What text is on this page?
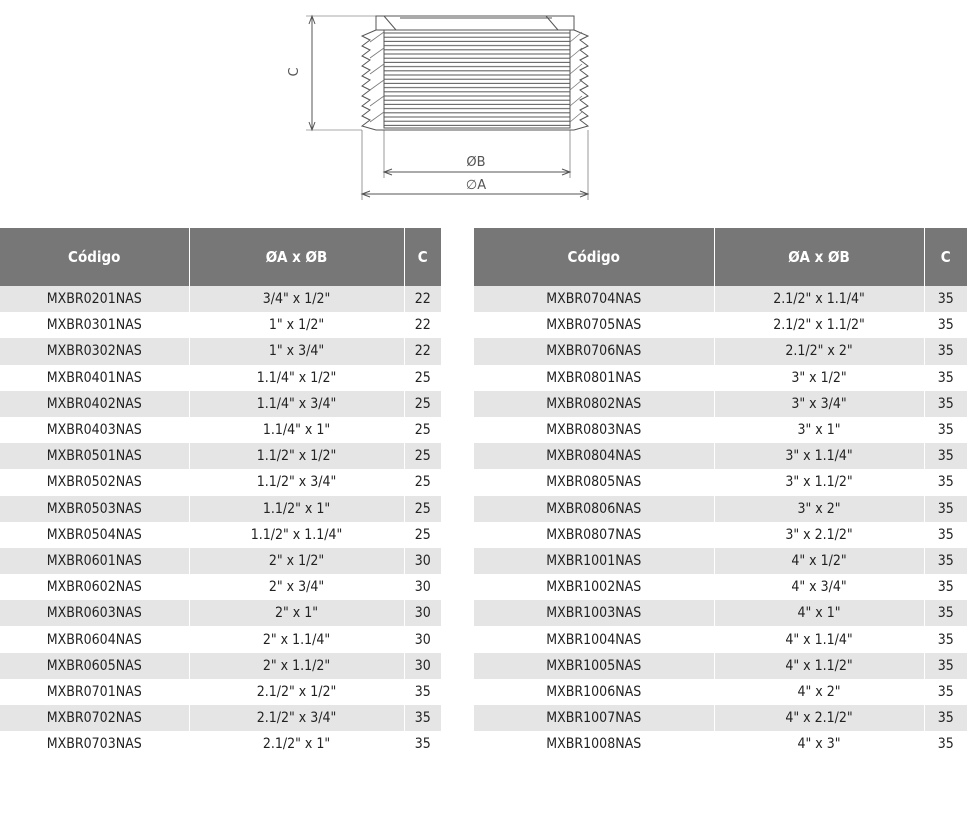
C
ØB
∅A
Código	ØA x ØB	C
MXBR0201NAS	3/4" x 1/2"	22
MXBR0301NAS	1" x 1/2"	22
MXBR0302NAS	1" x 3/4"	22
MXBR0401NAS	1.1/4" x 1/2"	25
MXBR0402NAS	1.1/4" x 3/4"	25
MXBR0403NAS	1.1/4" x 1"	25
MXBR0501NAS	1.1/2" x 1/2"	25
MXBR0502NAS	1.1/2" x 3/4"	25
MXBR0503NAS	1.1/2" x 1"	25
MXBR0504NAS	1.1/2" x 1.1/4"	25
MXBR0601NAS	2" x 1/2"	30
MXBR0602NAS	2" x 3/4"	30
MXBR0603NAS	2" x 1"	30
MXBR0604NAS	2" x 1.1/4"	30
MXBR0605NAS	2" x 1.1/2"	30
MXBR0701NAS	2.1/2" x 1/2"	35
MXBR0702NAS	2.1/2" x 3/4"	35
MXBR0703NAS	2.1/2" x 1"	35
Código	ØA x ØB	C
MXBR0704NAS	2.1/2" x 1.1/4"	35
MXBR0705NAS	2.1/2" x 1.1/2"	35
MXBR0706NAS	2.1/2" x 2"	35
MXBR0801NAS	3" x 1/2"	35
MXBR0802NAS	3" x 3/4"	35
MXBR0803NAS	3" x 1"	35
MXBR0804NAS	3" x 1.1/4"	35
MXBR0805NAS	3" x 1.1/2"	35
MXBR0806NAS	3" x 2"	35
MXBR0807NAS	3" x 2.1/2"	35
MXBR1001NAS	4" x 1/2"	35
MXBR1002NAS	4" x 3/4"	35
MXBR1003NAS	4" x 1"	35
MXBR1004NAS	4" x 1.1/4"	35
MXBR1005NAS	4" x 1.1/2"	35
MXBR1006NAS	4" x 2"	35
MXBR1007NAS	4" x 2.1/2"	35
MXBR1008NAS	4" x 3"	35
